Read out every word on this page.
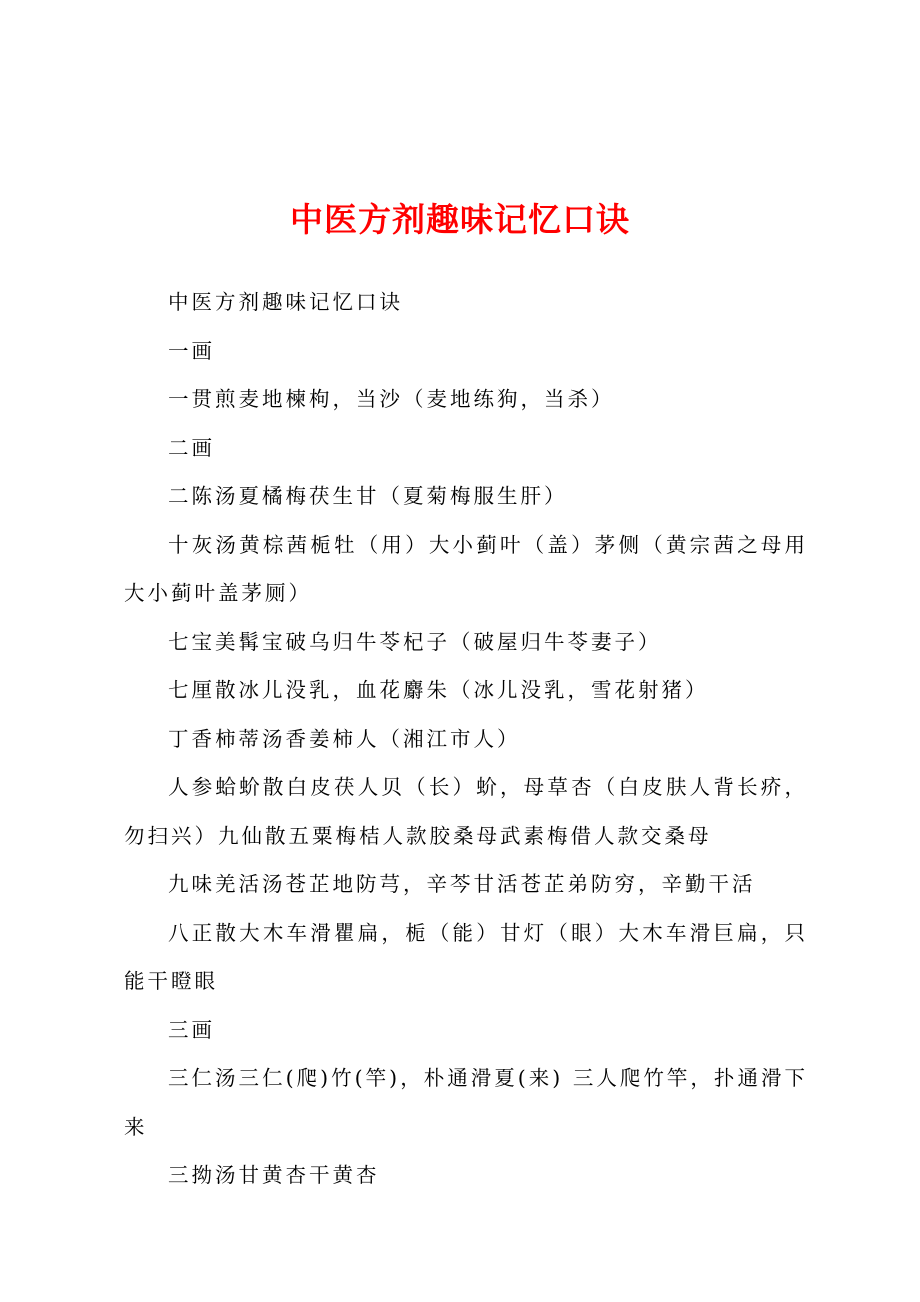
中医方剂趣味记忆口诀

中医方剂趣味记忆口诀

一画

一贯煎麦地楝枸，当沙（麦地练狗，当杀）

二画

二陈汤夏橘梅茯生甘（夏菊梅服生肝）

十灰汤黄棕茜栀牡（用）大小蓟叶（盖）茅侧（黄宗茜之母用大小蓟叶盖茅厕）

七宝美髯宝破乌归牛苓杞子（破屋归牛苓妻子）

七厘散冰儿没乳，血花麝朱（冰儿没乳，雪花射猪）

丁香柿蒂汤香姜柿人（湘江市人）

人参蛤蚧散白皮茯人贝（长）蚧，母草杏（白皮肤人背长疥，勿扫兴）九仙散五粟梅桔人款胶桑母武素梅借人款交桑母

九味羌活汤苍芷地防芎，辛芩甘活苍芷弟防穷，辛勤干活

八正散大木车滑瞿扁，栀（能）甘灯（眼）大木车滑巨扁，只能干瞪眼

三画

三仁汤三仁(爬)竹(竿)，朴通滑夏(来) 三人爬竹竿，扑通滑下来

三拗汤甘黄杏干黄杏
